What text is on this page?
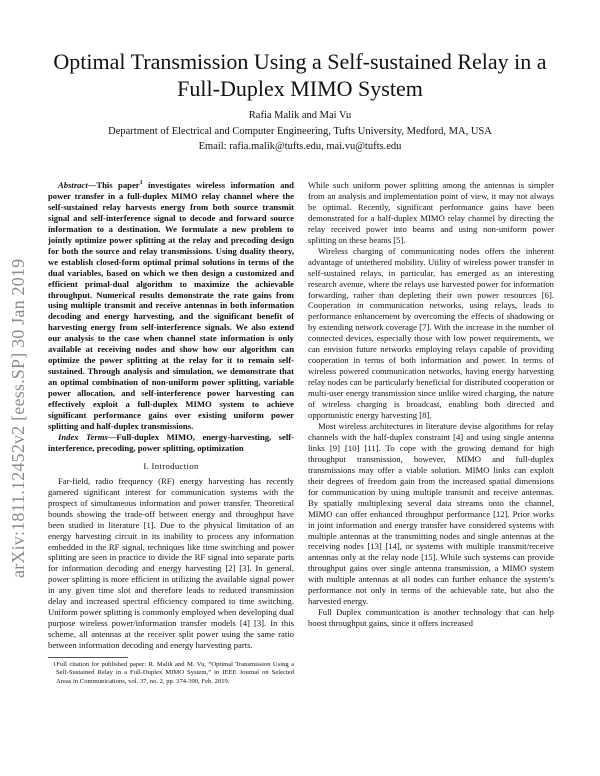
arXiv:1811.12452v2 [eess.SP] 30 Jan 2019
Optimal Transmission Using a Self-sustained Relay in a Full-Duplex MIMO System
Rafia Malik and Mai Vu
Department of Electrical and Computer Engineering, Tufts University, Medford, MA, USA
Email: rafia.malik@tufts.edu, mai.vu@tufts.edu

Abstract—This paper$^1$ investigates wireless information and power transfer in a full-duplex MIMO relay channel where the self-sustained relay harvests energy from both source transmit signal and self-interference signal to decode and forward source information to a destination. We formulate a new problem to jointly optimize power splitting at the relay and precoding design for both the source and relay transmissions. Using duality theory, we establish closed-form optimal primal solutions in terms of the dual variables, based on which we then design a customized and efficient primal-dual algorithm to maximize the achievable throughput. Numerical results demonstrate the rate gains from using multiple transmit and receive antennas in both information decoding and energy harvesting, and the significant benefit of harvesting energy from self-interference signals. We also extend our analysis to the case when channel state information is only available at receiving nodes and show how our algorithm can optimize the power splitting at the relay for it to remain self-sustained. Through analysis and simulation, we demonstrate that an optimal combination of non-uniform power splitting, variable power allocation, and self-interference power harvesting can effectively exploit a full-duplex MIMO system to achieve significant performance gains over existing uniform power splitting and half-duplex transmissions.

Index Terms—Full-duplex MIMO, energy-harvesting, self-interference, precoding, power splitting, optimization

I. Introduction

Far-field, radio frequency (RF) energy harvesting has recently garnered significant interest for communication systems with the prospect of simultaneous information and power transfer. Theoretical bounds showing the trade-off between energy and throughput have been studied in literature [1]. Due to the physical limitation of an energy harvesting circuit in its inability to process any information embedded in the RF signal, techniques like time switching and power splitting are seen in practice to divide the RF signal into separate parts for information decoding and energy harvesting [2] [3]. In general, power splitting is more efficient in utilizing the available signal power in any given time slot and therefore leads to reduced transmission delay and increased spectral efficiency compared to time switching. Uniform power splitting is commonly employed when developing dual purpose wireless power/information transfer models [4] [3]. In this scheme, all antennas at the receiver split power using the same ratio between information decoding and energy harvesting parts.

1Full citation for published paper: R. Malik and M. Vu, “Optimal Transmission Using a Self-Sustained Relay in a Full-Duplex MIMO System,” in IEEE Journal on Selected Areas in Communications, vol. 37, no. 2, pp. 374-390, Feb. 2019.

While such uniform power splitting among the antennas is simpler from an analysis and implementation point of view, it may not always be optimal. Recently, significant performance gains have been demonstrated for a half-duplex MIMO relay channel by directing the relay received power into beams and using non-uniform power splitting on these beams [5].

Wireless charging of communicating nodes offers the inherent advantage of untethered mobility. Utility of wireless power transfer in self-sustained relays, in particular, has emerged as an interesting research avenue, where the relays use harvested power for information forwarding, rather than depleting their own power resources [6]. Cooperation in communication networks, using relays, leads to performance enhancement by overcoming the effects of shadowing or by extending network coverage [7]. With the increase in the number of connected devices, especially those with low power requirements, we can envision future networks employing relays capable of providing cooperation in terms of both information and power. In terms of wireless powered communication networks, having energy harvesting relay nodes can be particularly beneficial for distributed cooperation or multi-user energy transmission since unlike wired charging, the nature of wireless charging is broadcast, enabling both directed and opportunistic energy harvesting [8].

Most wireless architectures in literature devise algorithms for relay channels with the half-duplex constraint [4] and using single antenna links [9] [10] [11]. To cope with the growing demand for high throughput transmission, however, MIMO and full-duplex transmissions may offer a viable solution. MIMO links can exploit their degrees of freedom gain from the increased spatial dimensions for communication by using multiple transmit and receive antennas. By spatially multiplexing several data streams onto the channel, MIMO can offer enhanced throughput performance [12]. Prior works in joint information and energy transfer have considered systems with multiple antennas at the transmitting nodes and single antennas at the receiving nodes [13] [14], or systems with multiple transmit/receive antennas only at the relay node [15]. While such systems can provide throughput gains over single antenna transmission, a MIMO system with multiple antennas at all nodes can further enhance the system’s performance not only in terms of the achievable rate, but also the harvested energy.

Full Duplex communication is another technology that can help boost throughput gains, since it offers increased
